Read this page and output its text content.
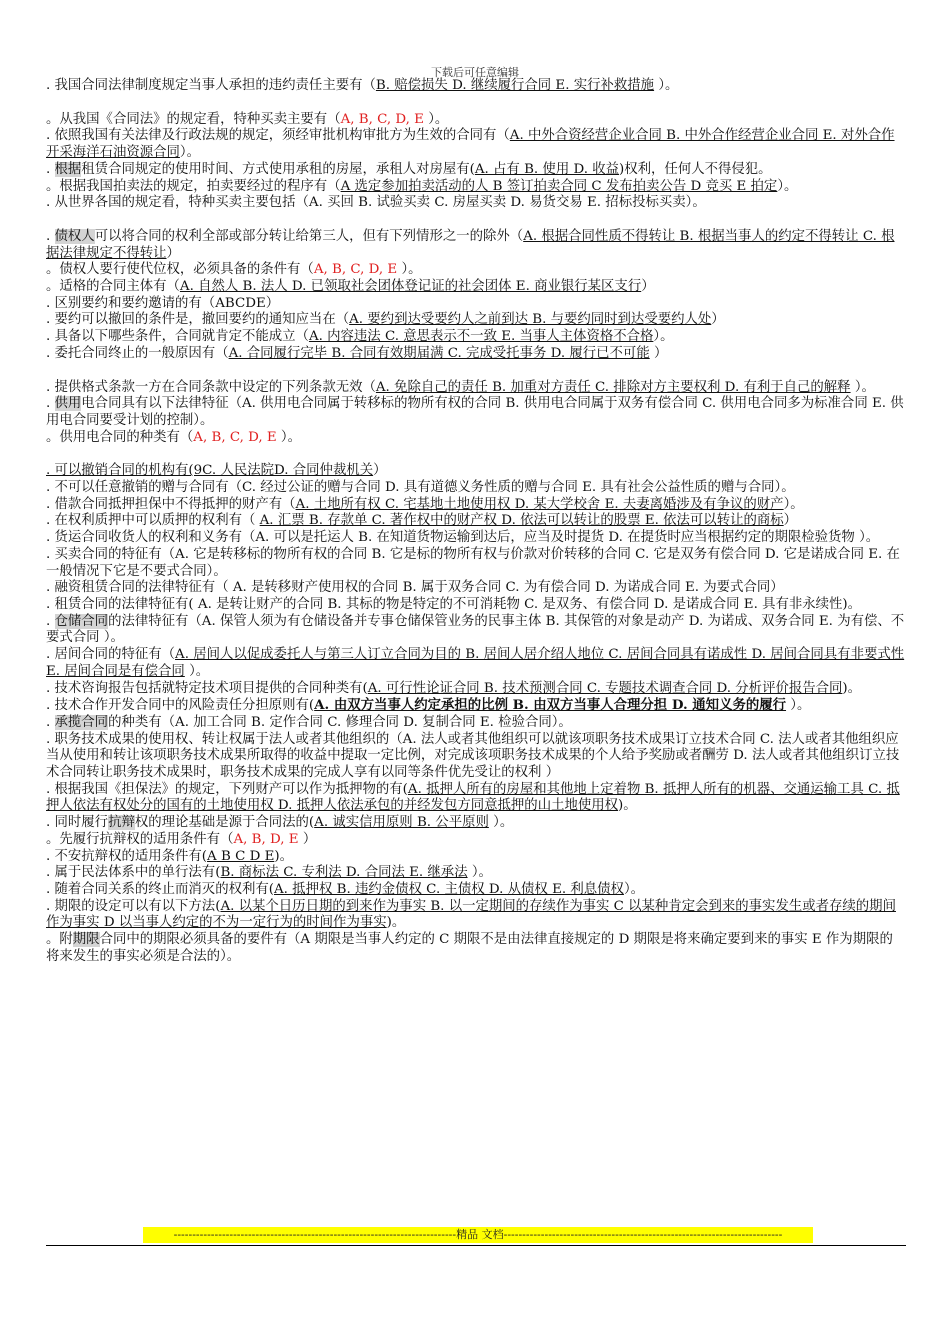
下载后可任意编辑

. 我国合同法律制度规定当事人承担的违约责任主要有（B. 赔偿损失 D. 继续履行合同 E. 实行补救措施 ）。

。从我国《合同法》的规定看，特种买卖主要有（A, B, C, D, E ）。

. 依照我国有关法律及行政法规的规定，须经审批机构审批方为生效的合同有（A. 中外合资经营企业合同 B. 中外合作经营企业合同 E. 对外合作开采海洋石油资源合同）。

. 根据租赁合同规定的使用时间、方式使用承租的房屋，承租人对房屋有(A. 占有 B. 使用 D. 收益)权利，任何人不得侵犯。

。根据我国拍卖法的规定，拍卖要经过的程序有（A 选定参加拍卖活动的人 B 签订拍卖合同 C 发布拍卖公告 D 竞买 E 拍定）。

. 从世界各国的规定看，特种买卖主要包括（A. 买回 B. 试验买卖 C. 房屋买卖 D. 易货交易 E. 招标投标买卖）。

. 债权人可以将合同的权利全部或部分转让给第三人，但有下列情形之一的除外（A. 根据合同性质不得转让 B. 根据当事人的约定不得转让 C. 根据法律规定不得转让）

。债权人要行使代位权，必须具备的条件有（A, B, C, D, E ）。

。适格的合同主体有（A. 自然人 B. 法人 D. 已领取社会团体登记证的社会团体 E. 商业银行某区支行）

. 区别要约和要约邀请的有（ABCDE）

. 要约可以撤回的条件是，撤回要约的通知应当在（A. 要约到达受要约人之前到达 B. 与要约同时到达受要约人处）

. 具备以下哪些条件，合同就肯定不能成立（A. 内容违法 C. 意思表示不一致 E. 当事人主体资格不合格）。

. 委托合同终止的一般原因有（A. 合同履行完毕 B. 合同有效期届满 C. 完成受托事务 D. 履行已不可能 ）

. 提供格式条款一方在合同条款中设定的下列条款无效（A. 免除自己的责任 B. 加重对方责任 C. 排除对方主要权利 D. 有利于自己的解释 ）。

. 供用电合同具有以下法律特征（A. 供用电合同属于转移标的物所有权的合同 B. 供用电合同属于双务有偿合同 C. 供用电合同多为标准合同 E. 供用电合同要受计划的控制）。

。供用电合同的种类有（A, B, C, D, E ）。

. 可以撤销合同的机构有(9C. 人民法院D. 合同仲裁机关）

. 不可以任意撤销的赠与合同有（C. 经过公证的赠与合同 D. 具有道德义务性质的赠与合同 E. 具有社会公益性质的赠与合同）。

. 借款合同抵押担保中不得抵押的财产有（A. 土地所有权 C. 宅基地土地使用权 D. 某大学校舍 E. 夫妻离婚涉及有争议的财产）。

. 在权利质押中可以质押的权利有（ A. 汇票 B. 存款单 C. 著作权中的财产权 D. 依法可以转让的股票 E. 依法可以转让的商标）

. 货运合同收货人的权利和义务有（A. 可以是托运人 B. 在知道货物运输到达后，应当及时提货 D. 在提货时应当根据约定的期限检验货物 ）。

. 买卖合同的特征有（A. 它是转移标的物所有权的合同 B. 它是标的物所有权与价款对价转移的合同 C. 它是双务有偿合同 D. 它是诺成合同 E. 在一般情况下它是不要式合同）。

. 融资租赁合同的法律特征有（ A. 是转移财产使用权的合同 B. 属于双务合同 C. 为有偿合同 D. 为诺成合同 E. 为要式合同）

. 租赁合同的法律特征有( A. 是转让财产的合同 B. 其标的物是特定的不可消耗物 C. 是双务、有偿合同 D. 是诺成合同 E. 具有非永续性)。

. 仓储合同的法律特征有（A. 保管人须为有仓储设备并专事仓储保管业务的民事主体 B. 其保管的对象是动产 D. 为诺成、双务合同 E. 为有偿、不要式合同 ）。

. 居间合同的特征有（A. 居间人以促成委托人与第三人订立合同为目的 B. 居间人居介绍人地位 C. 居间合同具有诺成性 D. 居间合同具有非要式性 E. 居间合同是有偿合同 ）。

. 技术咨询报告包括就特定技术项目提供的合同种类有(A. 可行性论证合同 B. 技术预测合同 C. 专题技术调查合同 D. 分析评价报告合同)。

. 技术合作开发合同中的风险责任分担原则有(A. 由双方当事人约定承担的比例 B. 由双方当事人合理分担 D. 通知义务的履行 ）。

. 承揽合同的种类有（A. 加工合同 B. 定作合同 C. 修理合同 D. 复制合同 E. 检验合同）。

. 职务技术成果的使用权、转让权属于法人或者其他组织的（A. 法人或者其他组织可以就该项职务技术成果订立技术合同 C. 法人或者其他组织应当从使用和转让该项职务技术成果所取得的收益中提取一定比例，对完成该项职务技术成果的个人给予奖励或者酬劳 D. 法人或者其他组织订立技术合同转让职务技术成果时，职务技术成果的完成人享有以同等条件优先受让的权利 ）

. 根据我国《担保法》的规定，下列财产可以作为抵押物的有(A. 抵押人所有的房屋和其他地上定着物 B. 抵押人所有的机器、交通运输工具 C. 抵押人依法有权处分的国有的土地使用权 D. 抵押人依法承包的并经发包方同意抵押的山土地使用权)。

. 同时履行抗辩权的理论基础是源于合同法的(A. 诚实信用原则 B. 公平原则 ）。

。先履行抗辩权的适用条件有（A, B, D, E ）

. 不安抗辩权的适用条件有(A B C D E)。

. 属于民法体系中的单行法有(B. 商标法 C. 专利法 D. 合同法 E. 继承法 ）。

. 随着合同关系的终止而消灭的权利有(A. 抵押权 B. 违约金债权 C. 主债权 D. 从债权 E. 利息债权）。

. 期限的设定可以有以下方法(A. 以某个日历日期的到来作为事实 B. 以一定期间的存续作为事实 C 以某种肯定会到来的事实发生或者存续的期间作为事实 D 以当事人约定的不为一定行为的时间作为事实)。

。附期限合同中的期限必须具备的要件有（A 期限是当事人约定的 C 期限不是由法律直接规定的 D 期限是将来确定要到来的事实 E 作为期限的将来发生的事实必须是合法的）。

----------------------------------------------------------------------------精品 文档---------------------------------------------------------------------------
